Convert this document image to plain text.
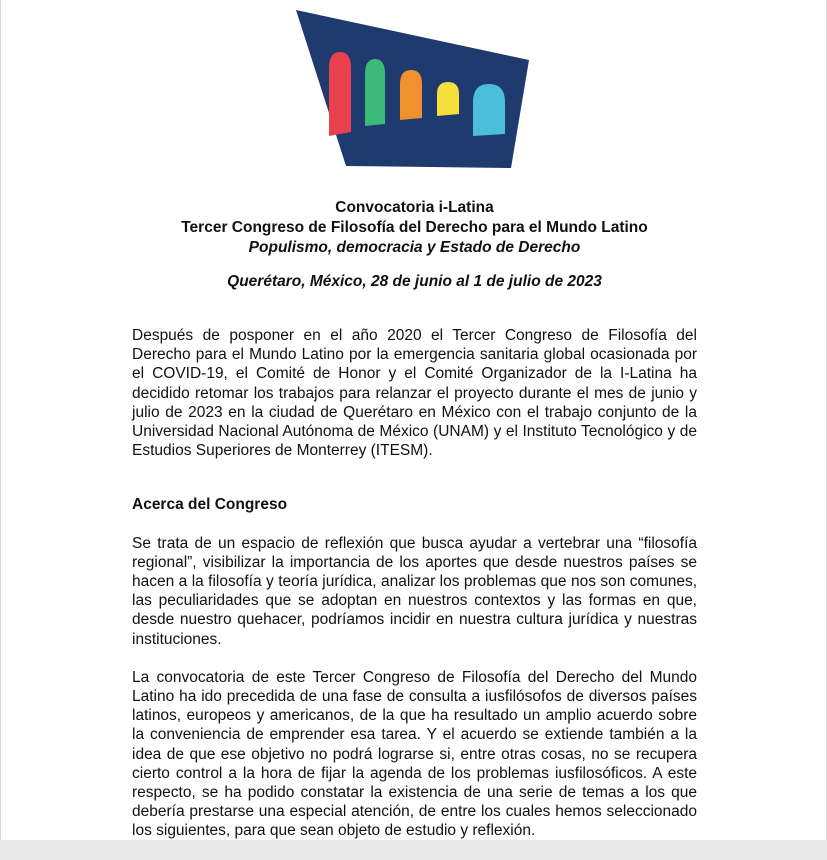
Convocatoria i-Latina
Tercer Congreso de Filosofía del Derecho para el Mundo Latino
Populismo, democracia y Estado de Derecho
Querétaro, México, 28 de junio al 1 de julio de 2023

Después de posponer en el año 2020 el Tercer Congreso de Filosofía del Derecho para el Mundo Latino por la emergencia sanitaria global ocasionada por el COVID-19, el Comité de Honor y el Comité Organizador de la I-Latina ha decidido retomar los trabajos para relanzar el proyecto durante el mes de junio y julio de 2023 en la ciudad de Querétaro en México con el trabajo conjunto de la Universidad Nacional Autónoma de México (UNAM) y el Instituto Tecnológico y de Estudios Superiores de Monterrey (ITESM).

Acerca del Congreso

Se trata de un espacio de reflexión que busca ayudar a vertebrar una “filosofía regional”, visibilizar la importancia de los aportes que desde nuestros países se hacen a la filosofía y teoría jurídica, analizar los problemas que nos son comunes, las peculiaridades que se adoptan en nuestros contextos y las formas en que, desde nuestro quehacer, podríamos incidir en nuestra cultura jurídica y nuestras instituciones.

La convocatoria de este Tercer Congreso de Filosofía del Derecho del Mundo Latino ha ido precedida de una fase de consulta a iusfilósofos de diversos países latinos, europeos y americanos, de la que ha resultado un amplio acuerdo sobre la conveniencia de emprender esa tarea. Y el acuerdo se extiende también a la idea de que ese objetivo no podrá lograrse si, entre otras cosas, no se recupera cierto control a la hora de fijar la agenda de los problemas iusfilosóficos. A este respecto, se ha podido constatar la existencia de una serie de temas a los que debería prestarse una especial atención, de entre los cuales hemos seleccionado los siguientes, para que sean objeto de estudio y reflexión.
